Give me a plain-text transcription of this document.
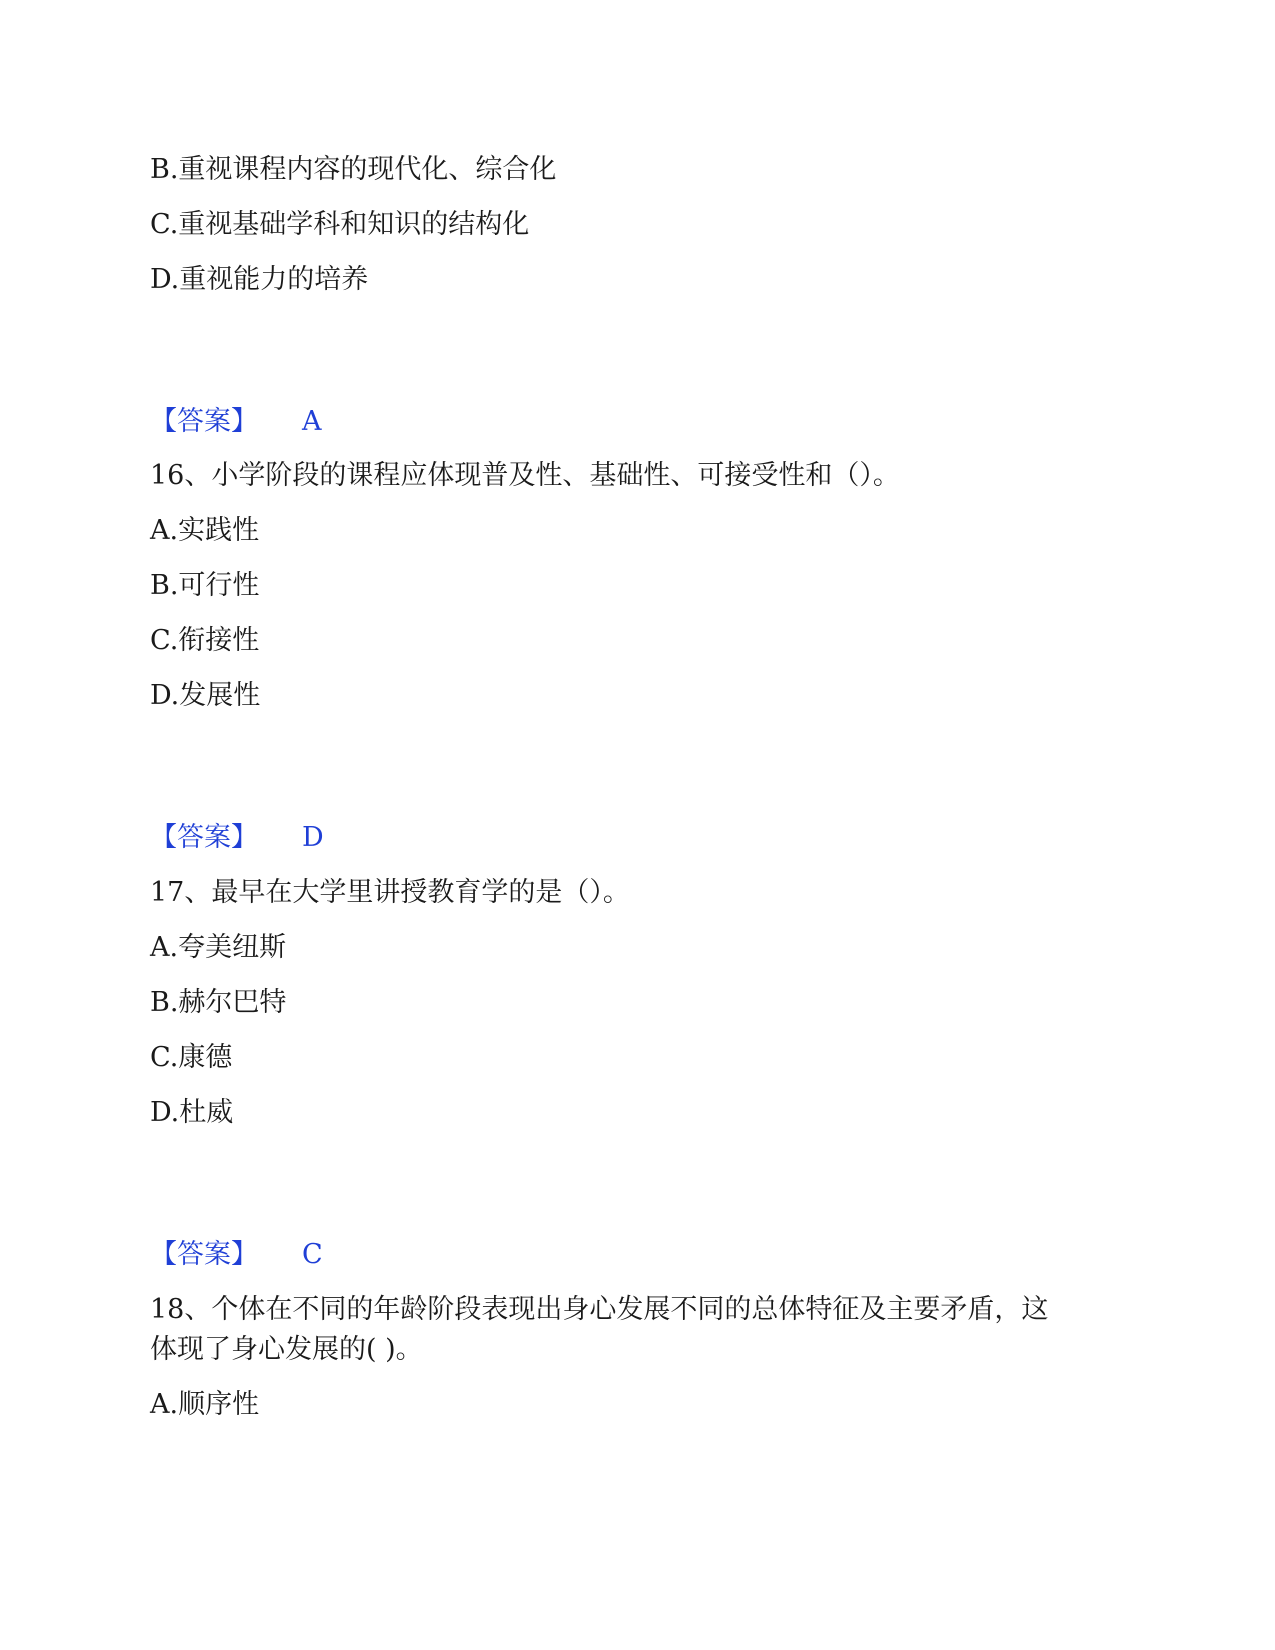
B.重视课程内容的现代化、综合化
C.重视基础学科和知识的结构化
D.重视能力的培养
【答案】 A
16、小学阶段的课程应体现普及性、基础性、可接受性和（）。
A.实践性
B.可行性
C.衔接性
D.发展性
【答案】 D
17、最早在大学里讲授教育学的是（）。
A.夸美纽斯
B.赫尔巴特
C.康德
D.杜威
【答案】 C
18、个体在不同的年龄阶段表现出身心发展不同的总体特征及主要矛盾，这
体现了身心发展的( )。
A.顺序性
